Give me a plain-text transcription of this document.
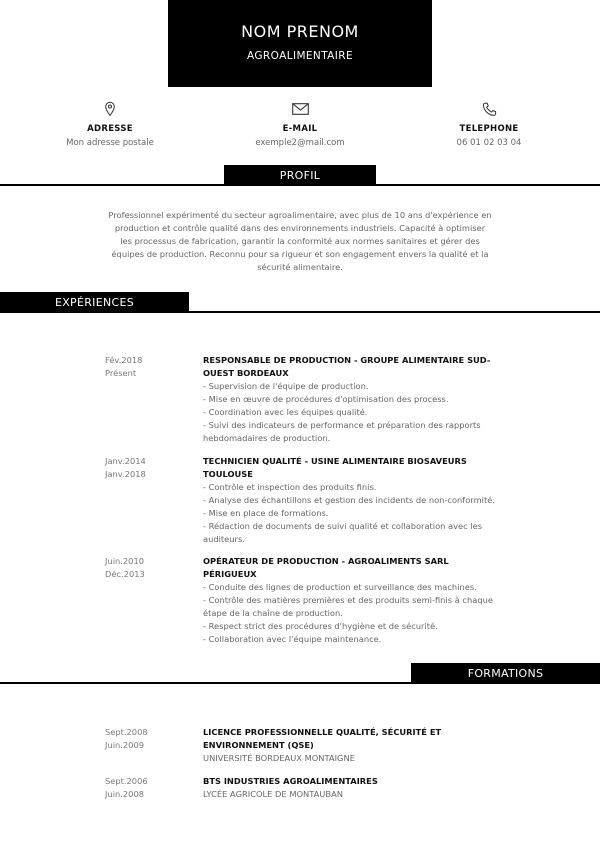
NOM PRENOM
AGROALIMENTAIRE
ADRESSE
Mon adresse postale
E-MAIL
exemple2@mail.com
TELEPHONE
06 01 02 03 04
PROFIL
Professionnel expérimenté du secteur agroalimentaire, avec plus de 10 ans d'expérience en production et contrôle qualité dans des environnements industriels. Capacité à optimiser les processus de fabrication, garantir la conformité aux normes sanitaires et gérer des équipes de production. Reconnu pour sa rigueur et son engagement envers la qualité et la sécurité alimentaire.
EXPÉRIENCES
Fév.2018
Présent
RESPONSABLE DE PRODUCTION - GROUPE ALIMENTAIRE SUD-OUEST BORDEAUX
- Supervision de l'équipe de production.
- Mise en œuvre de procédures d'optimisation des process.
- Coordination avec les équipes qualité.
- Suivi des indicateurs de performance et préparation des rapports hebdomadaires de production.
Janv.2014
Janv.2018
TECHNICIEN QUALITÉ - USINE ALIMENTAIRE BIOSAVEURS TOULOUSE
- Contrôle et inspection des produits finis.
- Analyse des échantillons et gestion des incidents de non-conformité.
- Mise en place de formations.
- Rédaction de documents de suivi qualité et collaboration avec les auditeurs.
Juin.2010
Déc.2013
OPÉRATEUR DE PRODUCTION - AGROALIMENTS SARL PÉRIGUEUX
- Conduite des lignes de production et surveillance des machines.
- Contrôle des matières premières et des produits semi-finis à chaque étape de la chaîne de production.
- Respect strict des procédures d'hygiène et de sécurité.
- Collaboration avec l'équipe maintenance.
FORMATIONS
Sept.2008
Juin.2009
LICENCE PROFESSIONNELLE QUALITÉ, SÉCURITÉ ET ENVIRONNEMENT (QSE)
UNIVERSITÉ BORDEAUX MONTAIGNE
Sept.2006
Juin.2008
BTS INDUSTRIES AGROALIMENTAIRES
LYCÉE AGRICOLE DE MONTAUBAN
